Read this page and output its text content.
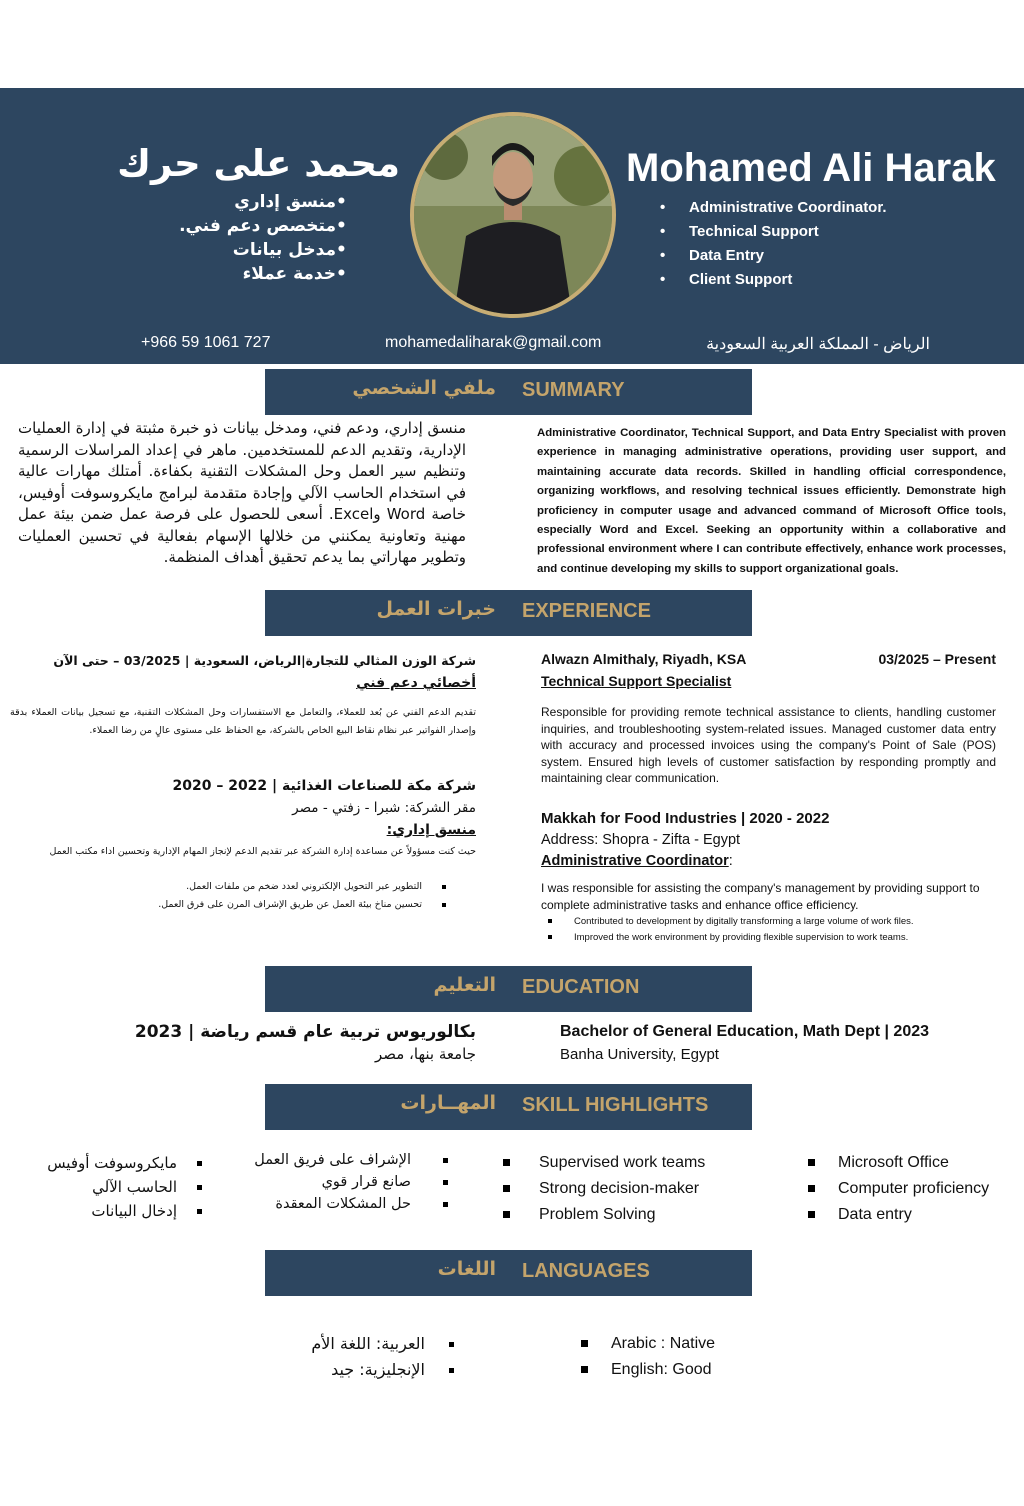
Mohamed Ali Harak
محمد على حرك
• Administrative Coordinator.
• Technical Support
• Data Entry
• Client Support
• منسق إداري
• متخصص دعم فني.
• مدخل بيانات
• خدمة عملاء
+966 59 1061 727	mohamedaliharak@gmail.com	الرياض - المملكة العربية السعودية
SUMMARY
ملفي الشخصي
منسق إداري، ودعم فني، ومدخل بيانات ذو خبرة مثبتة في إدارة العمليات الإدارية، وتقديم الدعم للمستخدمين. ماهر في إعداد المراسلات الرسمية وتنظيم سير العمل وحل المشكلات التقنية بكفاءة. أمتلك مهارات عالية في استخدام الحاسب الآلي وإجادة متقدمة لبرامج مايكروسوفت أوفيس، خاصة Word وExcel. أسعى للحصول على فرصة عمل ضمن بيئة عمل مهنية وتعاونية يمكنني من خلالها الإسهام بفعالية في تحسين العمليات وتطوير مهاراتي بما يدعم تحقيق أهداف المنظمة.
Administrative Coordinator, Technical Support, and Data Entry Specialist with proven experience in managing administrative operations, providing user support, and maintaining accurate data records. Skilled in handling official correspondence, organizing workflows, and resolving technical issues efficiently. Demonstrate high proficiency in computer usage and advanced command of Microsoft Office tools, especially Word and Excel. Seeking an opportunity within a collaborative and professional environment where I can contribute effectively, enhance work processes, and continue developing my skills to support organizational goals.
EXPERIENCE
خبرات العمل
Alwazn Almithaly, Riyadh, KSA	03/2025 – Present
Technical Support Specialist
Responsible for providing remote technical assistance to clients, handling customer inquiries, and troubleshooting system-related issues. Managed customer data entry with accuracy and processed invoices using the company's Point of Sale (POS) system. Ensured high levels of customer satisfaction by responding promptly and maintaining clear communication.
Makkah for Food Industries | 2020 - 2022
Address: Shopra - Zifta - Egypt
Administrative Coordinator:
I was responsible for assisting the company's management by providing support to complete administrative tasks and enhance office efficiency.
Contributed to development by digitally transforming a large volume of work files.
Improved the work environment by providing flexible supervision to work teams.
شركة الوزن المثالي للتجارة|الرياض، السعودية | 03/2025 – حتى الآن
أخصائي دعم فني
تقديم الدعم الفني عن بُعد للعملاء، والتعامل مع الاستفسارات وحل المشكلات التقنية، مع تسجيل بيانات العملاء بدقة وإصدار الفواتير عبر نظام نقاط البيع الخاص بالشركة، مع الحفاظ على مستوى عالٍ من رضا العملاء.
شركة مكة للصناعات الغذائية | 2022 – 2020
مقر الشركة: شبرا - زفتي - مصر
منسق إداري:
حيث كنت مسؤولاً عن مساعدة إدارة الشركة عبر تقديم الدعم لإنجاز المهام الإدارية وتحسين اداء مكتب العمل
التطوير عبر التحويل الإلكتروني لعدد ضخم من ملفات العمل.
تحسين مناخ بيئة العمل عن طريق الإشراف المرن على فرق العمل.
EDUCATION
التعليم
Bachelor of General Education, Math Dept | 2023
Banha University, Egypt
بكالوريوس تربية عام قسم رياضة | 2023
جامعة بنها، مصر
SKILL HIGHLIGHTS
المهــارات
Supervised work teams
Strong decision-maker
Problem Solving
Microsoft Office
Computer proficiency
Data entry
الإشراف على فريق العمل
صانع قرار قوي
حل المشكلات المعقدة
مايكروسوفت أوفيس
الحاسب الآلي
إدخال البيانات
LANGUAGES
اللغات
Arabic : Native
English: Good
العربية: اللغة الأم
الإنجليزية: جيد
